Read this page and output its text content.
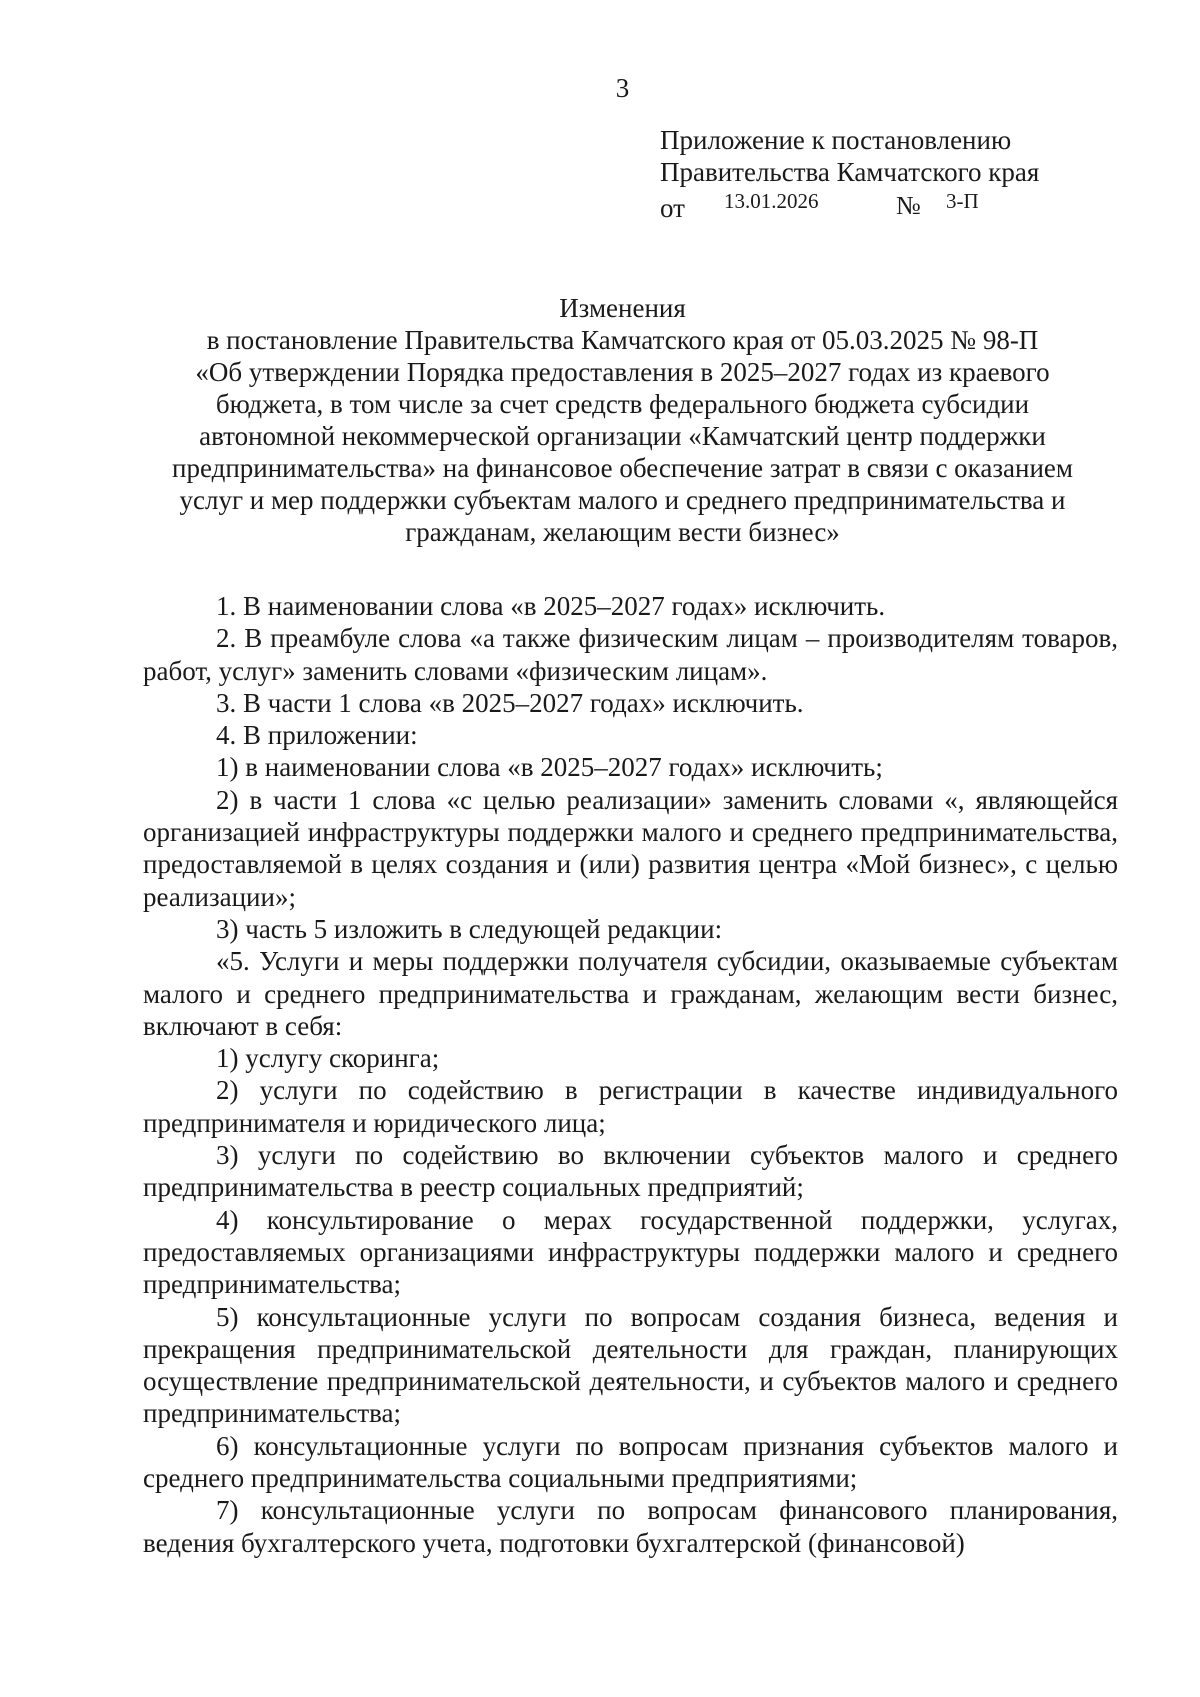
3
Приложение к постановлению
Правительства Камчатского края
от 13.01.2026	№ 3-П
Изменения
в постановление Правительства Камчатского края от 05.03.2025 № 98-П
«Об утверждении Порядка предоставления в 2025–2027 годах из краевого
бюджета, в том числе за счет средств федерального бюджета субсидии
автономной некоммерческой организации «Камчатский центр поддержки
предпринимательства» на финансовое обеспечение затрат в связи с оказанием
услуг и мер поддержки субъектам малого и среднего предпринимательства и
гражданам, желающим вести бизнес»

1. В наименовании слова «в 2025–2027 годах» исключить.

2. В преамбуле слова «а также физическим лицам – производителям товаров, работ, услуг» заменить словами «физическим лицам».

3. В части 1 слова «в 2025–2027 годах» исключить.

4. В приложении:

1) в наименовании слова «в 2025–2027 годах» исключить;

2) в части 1 слова «с целью реализации» заменить словами «, являющейся организацией инфраструктуры поддержки малого и среднего предпринимательства, предоставляемой в целях создания и (или) развития центра «Мой бизнес», с целью реализации»;

3) часть 5 изложить в следующей редакции:

«5. Услуги и меры поддержки получателя субсидии, оказываемые субъектам малого и среднего предпринимательства и гражданам, желающим вести бизнес, включают в себя:

1) услугу скоринга;

2) услуги по содействию в регистрации в качестве индивидуального предпринимателя и юридического лица;

3) услуги по содействию во включении субъектов малого и среднего предпринимательства в реестр социальных предприятий;

4) консультирование о мерах государственной поддержки, услугах, предоставляемых организациями инфраструктуры поддержки малого и среднего предпринимательства;

5) консультационные услуги по вопросам создания бизнеса, ведения и прекращения предпринимательской деятельности для граждан, планирующих осуществление предпринимательской деятельности, и субъектов малого и среднего предпринимательства;

6) консультационные услуги по вопросам признания субъектов малого и среднего предпринимательства социальными предприятиями;

7) консультационные услуги по вопросам финансового планирования, ведения бухгалтерского учета, подготовки бухгалтерской (финансовой)
